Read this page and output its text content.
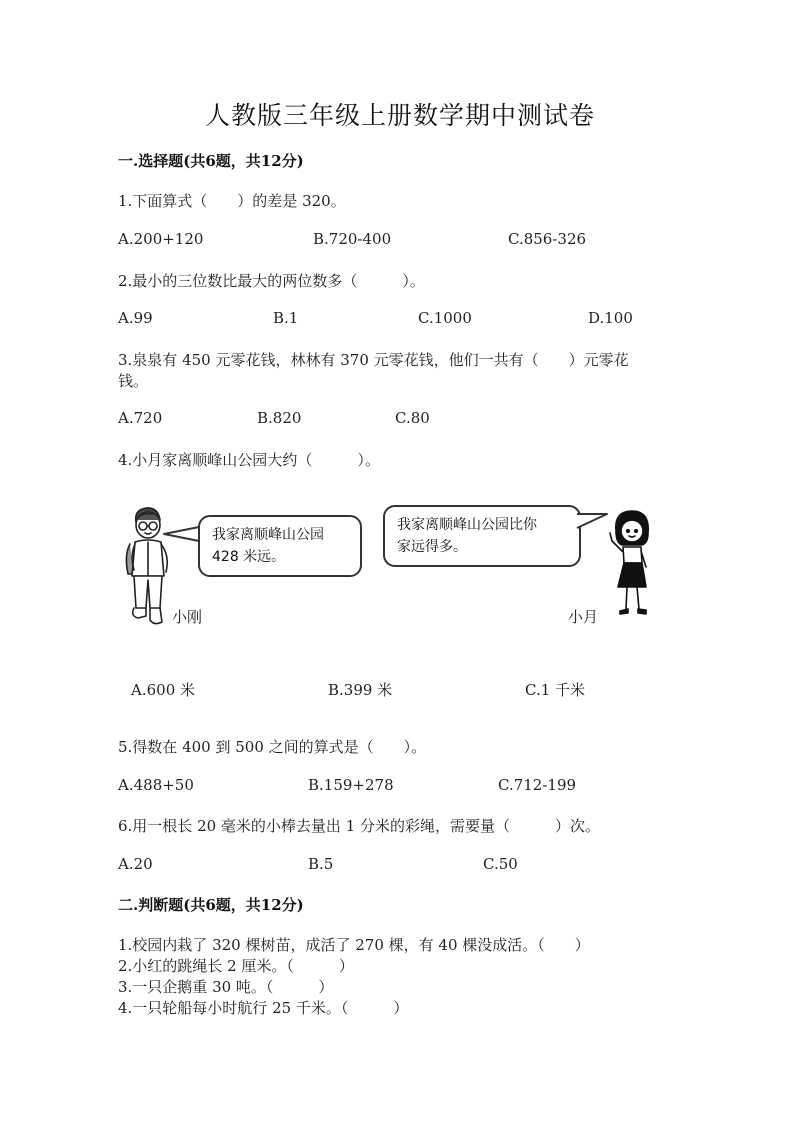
人教版三年级上册数学期中测试卷
一.选择题(共6题，共12分)
1.下面算式（　　）的差是 320。
A.200+120	B.720-400	C.856-326
2.最小的三位数比最大的两位数多（　　　）。
A.99	B.1	C.1000	D.100
3.泉泉有 450 元零花钱，林林有 370 元零花钱，他们一共有（　　）元零花
钱。
A.720	B.820	C.80
4.小月家离顺峰山公园大约（　　　）。
我家离顺峰山公园
428 米远。
小刚
我家离顺峰山公园比你
家远得多。
小月
A.600 米	B.399 米	C.1 千米
5.得数在 400 到 500 之间的算式是（　　）。
A.488+50	B.159+278	C.712-199
6.用一根长 20 毫米的小棒去量出 1 分米的彩绳，需要量（　　　）次。
A.20	B.5	C.50
二.判断题(共6题，共12分)
1.校园内栽了 320 棵树苗，成活了 270 棵，有 40 棵没成活。（　　）
2.小红的跳绳长 2 厘米。（　　　）
3.一只企鹅重 30 吨。（　　　）
4.一只轮船每小时航行 25 千米。（　　　）
